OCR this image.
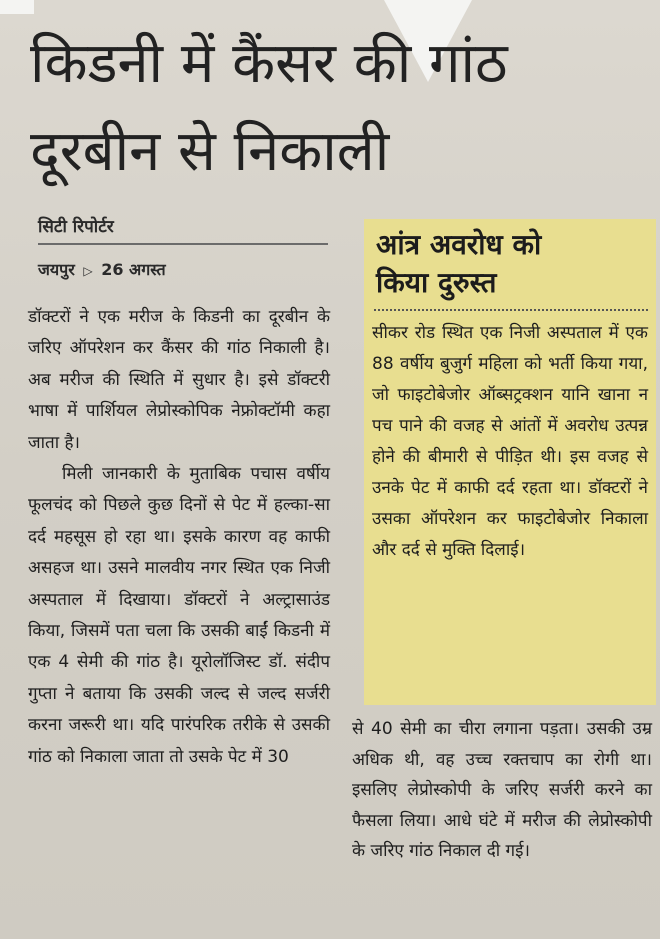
किडनी में कैंसर की गांठ
दूरबीन से निकाली
सिटी रिपोर्टर
जयपुर ▷ 26 अगस्त

डॉक्टरों ने एक मरीज के किडनी का दूरबीन के जरिए ऑपरेशन कर कैंसर की गांठ निकाली है। अब मरीज की स्थिति में सुधार है। इसे डॉक्टरी भाषा में पार्शियल लेप्रोस्कोपिक नेफ्रोक्टॉमी कहा जाता है।

मिली जानकारी के मुताबिक पचास वर्षीय फूलचंद को पिछले कुछ दिनों से पेट में हल्का-सा दर्द महसूस हो रहा था। इसके कारण वह काफी असहज था। उसने मालवीय नगर स्थित एक निजी अस्पताल में दिखाया। डॉक्टरों ने अल्ट्रासाउंड किया, जिसमें पता चला कि उसकी बाईं किडनी में एक 4 सेमी की गांठ है। यूरोलॉजिस्ट डॉ. संदीप गुप्ता ने बताया कि उसकी जल्द से जल्द सर्जरी करना जरूरी था। यदि पारंपरिक तरीके से उसकी गांठ को निकाला जाता तो उसके पेट में 30

आंत्र अवरोध को
किया दुरुस्त

सीकर रोड स्थित एक निजी अस्पताल में एक 88 वर्षीय बुजुर्ग महिला को भर्ती किया गया, जो फाइटोबेजोर ऑब्सट्रक्शन यानि खाना न पच पाने की वजह से आंतों में अवरोध उत्पन्न होने की बीमारी से पीड़ित थी। इस वजह से उनके पेट में काफी दर्द रहता था। डॉक्टरों ने उसका ऑपरेशन कर फाइटोबेजोर निकाला और दर्द से मुक्ति दिलाई।

से 40 सेमी का चीरा लगाना पड़ता। उसकी उम्र अधिक थी, वह उच्च रक्तचाप का रोगी था। इसलिए लेप्रोस्कोपी के जरिए सर्जरी करने का फैसला लिया। आधे घंटे में मरीज की लेप्रोस्कोपी के जरिए गांठ निकाल दी गई।
